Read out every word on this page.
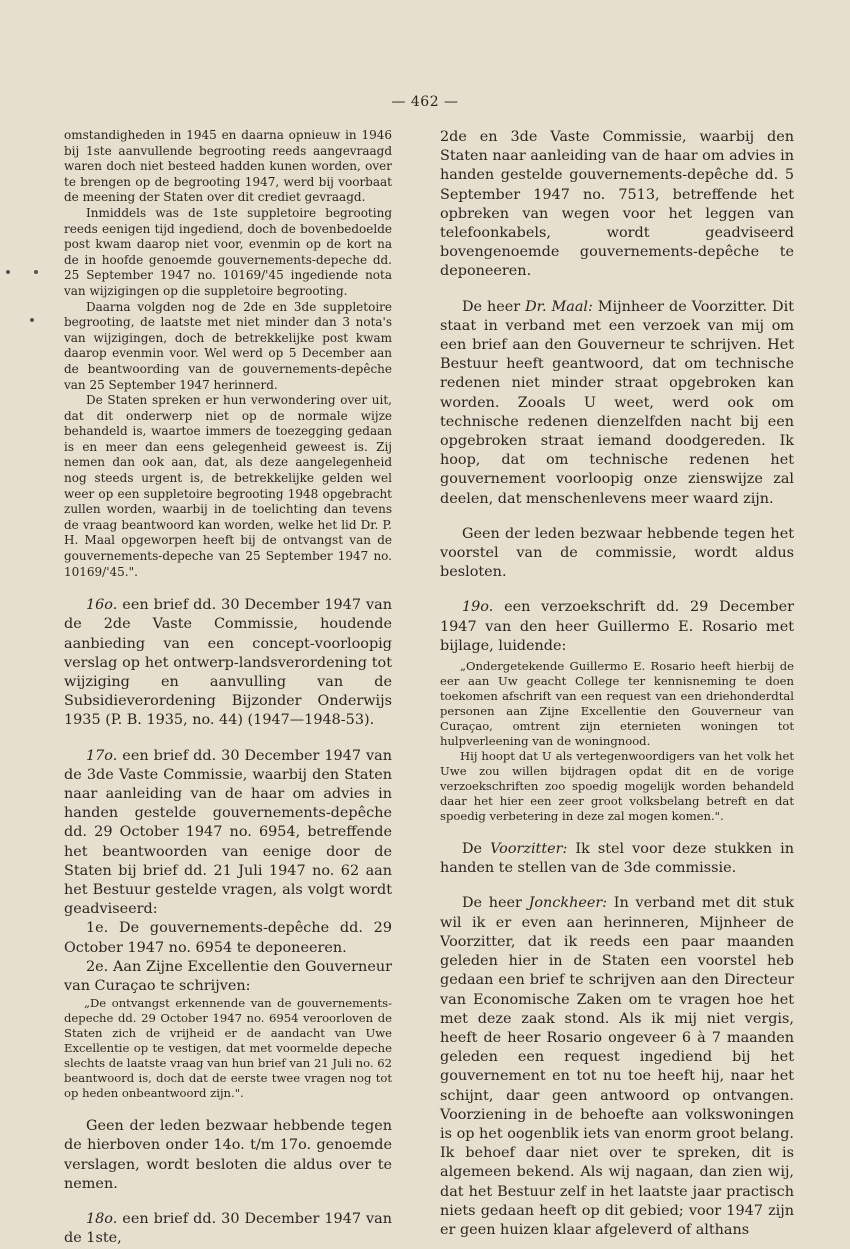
— 462 —

omstandigheden in 1945 en daarna opnieuw in 1946 bij 1ste aanvullende begrooting reeds aangevraagd waren doch niet besteed hadden kunen worden, over te brengen op de begrooting 1947, werd bij voorbaat de meening der Staten over dit crediet gevraagd.

Inmiddels was de 1ste suppletoire begrooting reeds eenigen tijd ingediend, doch de bovenbedoelde post kwam daarop niet voor, evenmin op de kort na de in hoofde genoemde gouvernements-depeche dd. 25 September 1947 no. 10169/'45 ingediende nota van wijzigingen op die suppletoire begrooting.

Daarna volgden nog de 2de en 3de suppletoire begrooting, de laatste met niet minder dan 3 nota's van wijzigingen, doch de betrekkelijke post kwam daarop evenmin voor. Wel werd op 5 December aan de beantwoording van de gouvernements-depêche van 25 September 1947 herinnerd.

De Staten spreken er hun verwondering over uit, dat dit onderwerp niet op de normale wijze behandeld is, waartoe immers de toezegging gedaan is en meer dan eens gelegenheid geweest is. Zij nemen dan ook aan, dat, als deze aangelegenheid nog steeds urgent is, de betrekkelijke gelden wel weer op een suppletoire begrooting 1948 opgebracht zullen worden, waarbij in de toelichting dan tevens de vraag beantwoord kan worden, welke het lid Dr. P. H. Maal opgeworpen heeft bij de ontvangst van de gouvernements-depeche van 25 September 1947 no. 10169/'45.".

16o. een brief dd. 30 December 1947 van de 2de Vaste Commissie, houdende aanbieding van een concept-voorloopig verslag op het ontwerp-landsverordening tot wijziging en aanvulling van de Subsidieverordening Bijzonder Onderwijs 1935 (P. B. 1935, no. 44) (1947—1948-53).

17o. een brief dd. 30 December 1947 van de 3de Vaste Commissie, waarbij den Staten naar aanleiding van de haar om advies in handen gestelde gouvernements-depêche dd. 29 October 1947 no. 6954, betreffende het beantwoorden van eenige door de Staten bij brief dd. 21 Juli 1947 no. 62 aan het Bestuur gestelde vragen, als volgt wordt geadviseerd:

1e. De gouvernements-depêche dd. 29 October 1947 no. 6954 te deponeeren.

2e. Aan Zijne Excellentie den Gouverneur van Curaçao te schrijven:

„De ontvangst erkennende van de gouvernements-depeche dd. 29 October 1947 no. 6954 veroorloven de Staten zich de vrijheid er de aandacht van Uwe Excellentie op te vestigen, dat met voormelde depeche slechts de laatste vraag van hun brief van 21 Juli no. 62 beantwoord is, doch dat de eerste twee vragen nog tot op heden onbeantwoord zijn.".

Geen der leden bezwaar hebbende tegen de hierboven onder 14o. t/m 17o. genoemde verslagen, wordt besloten die aldus over te nemen.

18o. een brief dd. 30 December 1947 van de 1ste,

2de en 3de Vaste Commissie, waarbij den Staten naar aanleiding van de haar om advies in handen gestelde gouvernements-depêche dd. 5 September 1947 no. 7513, betreffende het opbreken van wegen voor het leggen van telefoonkabels, wordt geadviseerd bovengenoemde gouvernements-depêche te deponeeren.

De heer Dr. Maal: Mijnheer de Voorzitter. Dit staat in verband met een verzoek van mij om een brief aan den Gouverneur te schrijven. Het Bestuur heeft geantwoord, dat om technische redenen niet minder straat opgebroken kan worden. Zooals U weet, werd ook om technische redenen dienzelfden nacht bij een opgebroken straat iemand doodgereden. Ik hoop, dat om technische redenen het gouvernement voorloopig onze zienswijze zal deelen, dat menschenlevens meer waard zijn.

Geen der leden bezwaar hebbende tegen het voorstel van de commissie, wordt aldus besloten.

19o. een verzoekschrift dd. 29 December 1947 van den heer Guillermo E. Rosario met bijlage, luidende:

„Ondergetekende Guillermo E. Rosario heeft hierbij de eer aan Uw geacht College ter kennisneming te doen toekomen afschrift van een request van een driehonderdtal personen aan Zijne Excellentie den Gouverneur van Curaçao, omtrent zijn eternieten woningen tot hulpverleening van de woningnood.

Hij hoopt dat U als vertegenwoordigers van het volk het Uwe zou willen bijdragen opdat dit en de vorige verzoekschriften zoo spoedig mogelijk worden behandeld daar het hier een zeer groot volksbelang betreft en dat spoedig verbetering in deze zal mogen komen.".

De Voorzitter: Ik stel voor deze stukken in handen te stellen van de 3de commissie.

De heer Jonckheer: In verband met dit stuk wil ik er even aan herinneren, Mijnheer de Voorzitter, dat ik reeds een paar maanden geleden hier in de Staten een voorstel heb gedaan een brief te schrijven aan den Directeur van Economische Zaken om te vragen hoe het met deze zaak stond. Als ik mij niet vergis, heeft de heer Rosario ongeveer 6 à 7 maanden geleden een request ingediend bij het gouvernement en tot nu toe heeft hij, naar het schijnt, daar geen antwoord op ontvangen. Voorziening in de behoefte aan volkswoningen is op het oogenblik iets van enorm groot belang. Ik behoef daar niet over te spreken, dit is algemeen bekend. Als wij nagaan, dan zien wij, dat het Bestuur zelf in het laatste jaar practisch niets gedaan heeft op dit gebied; voor 1947 zijn er geen huizen klaar afgeleverd of althans
